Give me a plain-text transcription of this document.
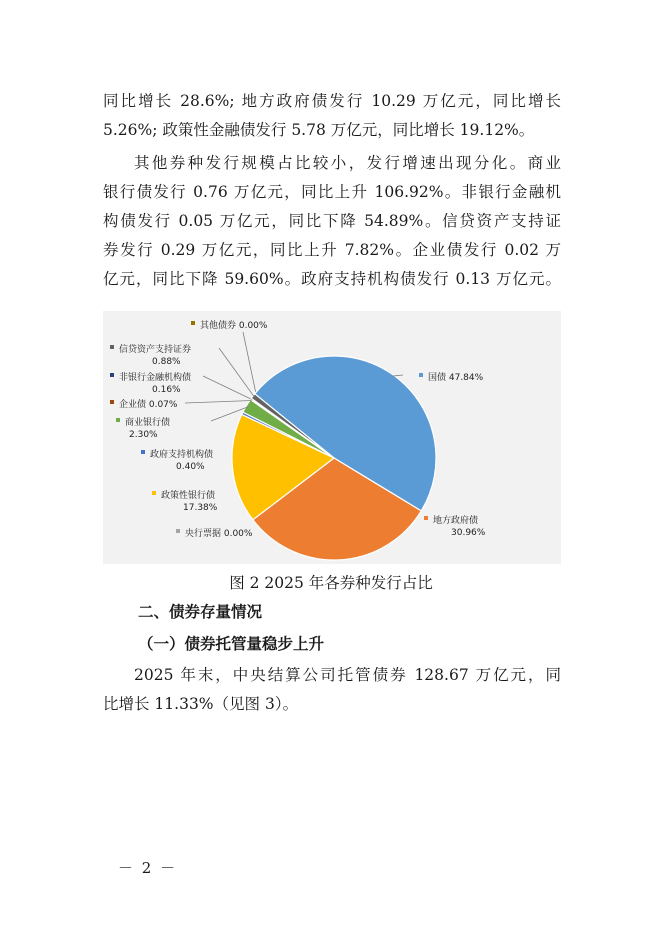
同比增长 28.6%; 地方政府债发行 10.29 万亿元，同比增长
5.26%; 政策性金融债发行 5.78 万亿元，同比增长 19.12%。

其他券种发行规模占比较小，发行增速出现分化。商业
银行债发行 0.76 万亿元，同比上升 106.92%。非银行金融机
构债发行 0.05 万亿元，同比下降 54.89%。信贷资产支持证
券发行 0.29 万亿元，同比上升 7.82%。企业债发行 0.02 万
亿元，同比下降 59.60%。政府支持机构债发行 0.13 万亿元。

其他债券 0.00%
国债 47.84%
地方政府债
30.96%
央行票据 0.00%
政策性银行债
17.38%
政府支持机构债
0.40%
商业银行债
2.30%
企业债 0.07%
非银行金融机构债
0.16%
信贷资产支持证券
0.88%
图 2 2025 年各券种发行占比
二、债券存量情况
（一）债券托管量稳步上升

2025 年末，中央结算公司托管债券 128.67 万亿元，同
比增长 11.33%（见图 3）。

－ 2 －
